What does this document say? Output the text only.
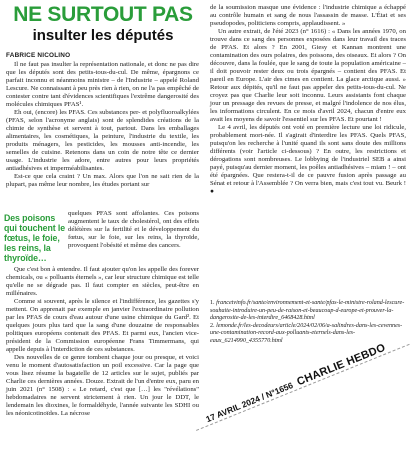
NE SURTOUT PAS
insulter les députés
FABRICE NICOLINO

Il ne faut pas insulter la représentation nationale, et donc ne pas dire que les députés sont des petits-tous-du-cul. De même, épargnons ce parfait inconnu et néanmoins ministre – de l'Industrie – appelé Roland Lescure. Ne connaissant à peu près rien à rien, on ne l'a pas empêché de contester contre tant d'évidences scientifiques l'extrême dangerosité des molécules chimiques PFAS¹.

Eh oui, (encore) les PFAS. Ces substances per- et polyfluoroalkylées (PFAS, selon l'acronyme anglais) sont de splendides créations de la chimie de synthèse et servent à tout, partout. Dans les emballages alimentaires, les cosmétiques, la peinture, l'industrie du textile, les produits ménagers, les pesticides, les mousses anti-incendie, les semelles de cuisine. Retenons dans un coin de notre tête ce dernier usage. L'industrie les adore, entre autres pour leurs propriétés antiadhésives et imperméabilisantes.

Est-ce que cela craint ? Un max. Alors que l'on ne sait rien de la plupart, pas même leur nombre, les études portant sur

Des poisons qui touchent le fœtus, le foie, les reins, la thyroïde…

quelques PFAS sont affolantes. Ces poisons augmentent le taux de cholestérol, ont des effets délétères sur la fertilité et le développement du fœtus, sur le foie, sur les reins, la thyroïde, provoquent l'obésité et même des cancers.

Que c'est bon à entendre. Il faut ajouter qu'on les appelle des forever chemicals, ou « polluants éternels », car leur structure chimique est telle qu'elle ne se dégrade pas. Il faut compter en siècles, peut-être en millénaires.

Comme si souvent, après le silence et l'indifférence, les gazettes s'y mettent. On apprenait par exemple en janvier l'extraordinaire pollution par les PFAS de cours d'eau autour d'une usine chimique du Gard². Et quelques jours plus tard que la sang d'une douzaine de responsables politiques européens contenait des PFAS. Et parmi eux, l'ancien vice-président de la Commission européenne Frans Timmermans, qui appelle depuis à l'interdiction de ces substances.

Des nouvelles de ce genre tombent chaque jour ou presque, et voici venu le moment d'autosatisfaction un poil excessive. Car la page que vous lisez résume la bagatelle de 12 articles sur le sujet, publiés par Charlie ces dernières années. Douze. Extrait de l'un d'entre eux, paru en juin 2021 (n° 1508) : « Le retard, c'est que […] les "révélations" hebdomadaires ne servent strictement à rien. Un jour le DDT, le lendemain les dioxines, le formaldéhyde, l'année suivante les SDHI ou les néonicotinoïdes. La nécrose

de la soumission masque une évidence : l'industrie chimique a échappé au contrôle humain et sang de nous l'assassin de masse. L'État et ses pseudopodes, politiciens compris, applaudissent. »

Un autre extrait, de l'été 2023 (n° 1616) : « Dans les années 1970, on trouve dans ce sang des personnes exposées dans leur travail des traces de PFAS. Et alors ? En 2001, Giesy et Kannan montrent une contamination des ours polaires, des poissons, des oiseaux. Et alors ? On découvre, dans la foulée, que le sang de toute la population américaine – il doit pouvoir rester deux ou trois épargnés – contient des PFAS. Et pareil en Europe. L'air des cimes en contient. La glace arctique aussi. » Retour aux dépités, qu'il ne faut pas appeler des petits-tous-du-cul. Ne croyez pas que Charlie leur soit inconnu. Leurs assistants font chaque jour un pressage des revues de presse, et malgré l'indolence de nos élus, les informations circulent. En ce mois d'avril 2024, chacun d'entre eux avait les moyens de savoir l'essentiel sur les PFAS. Et pourtant !

Le 4 avril, les députés ont voté en première lecture une loi ridicule, probablement mort-née. Il s'agirait d'interdire les PFAS. Quels PFAS, puisqu'on les recherche à l'unité quand ils sont sans doute des millions différents (voir l'article ci-dessous) ? En outre, les restrictions et dérogations sont nombreuses. Le lobbying de l'industriel SEB a ainsi payé, puisqu'au dernier moment, les poêles antiadhésives – miam ! – ont été épargnées. Que restera-t-il de ce pauvre fusion après passage au Sénat et retour à l'Assemblée ? On verra bien, mais c'est tout vu. Beurk ! ●

1. francetvinfo.fr/sante/environnement-et-sante/pfas-le-ministre-roland-lescure-souhaite-introduire-un-peu-de-raison-et-beaucoup-d-europe-et-prouver-la-dangerosite-de-les-interdire_6468428.html

2. lemonde.fr/les-decodeurs/article/2024/02/06/a-salindres-dans-les-cevennes-une-contamination-record-aux-polluants-eternels-dans-les-eaux_6214990_4355770.html

17 AVRIL 2024 / N°1656 CHARLIE HEBDO
